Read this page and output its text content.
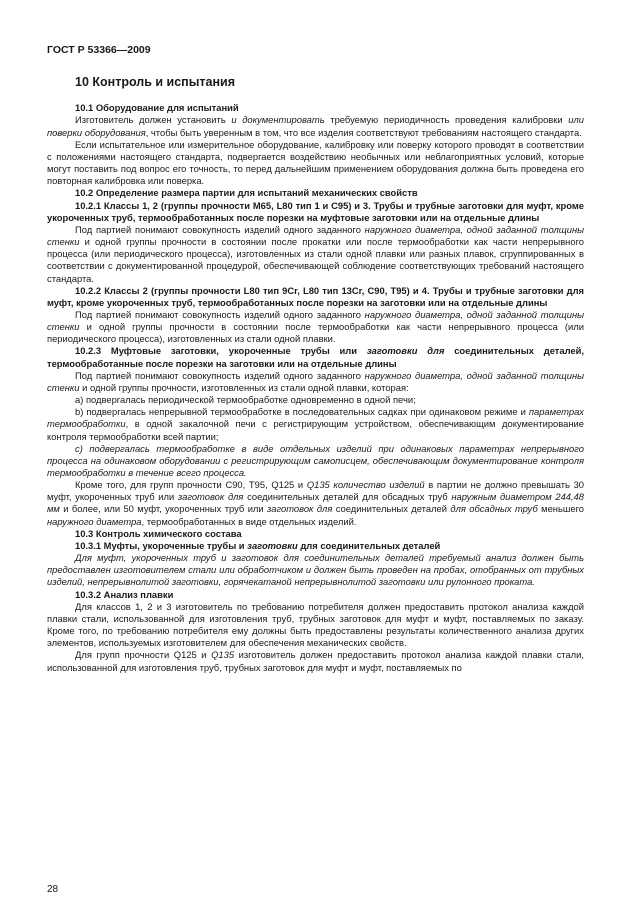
ГОСТ Р 53366—2009
10 Контроль и испытания

10.1 Оборудование для испытаний

Изготовитель должен установить и документировать требуемую периодичность проведения калибровки или поверки оборудования, чтобы быть уверенным в том, что все изделия соответствуют требованиям настоящего стандарта.

Если испытательное или измерительное оборудование, калибровку или поверку которого проводят в соответствии с положениями настоящего стандарта, подвергается воздействию необычных или неблагоприятных условий, которые могут поставить под вопрос его точность, то перед дальнейшим применением оборудования должна быть проведена его повторная калибровка или поверка.

10.2 Определение размера партии для испытаний механических свойств

10.2.1 Классы 1, 2 (группы прочности М65, L80 тип 1 и С95) и 3. Трубы и трубные заготовки для муфт, кроме укороченных труб, термообработанных после порезки на муфтовые заготовки или на отдельные длины

Под партией понимают совокупность изделий одного заданного наружного диаметра, одной заданной толщины стенки и одной группы прочности в состоянии после прокатки или после термообработки как части непрерывного процесса (или периодического процесса), изготовленных из стали одной плавки или разных плавок, сгруппированных в соответствии с документированной процедурой, обеспечивающей соблюдение соответствующих требований настоящего стандарта.

10.2.2 Классы 2 (группы прочности L80 тип 9Cr, L80 тип 13Cr, С90, Т95) и 4. Трубы и трубные заготовки для муфт, кроме укороченных труб, термообработанных после порезки на заготовки или на отдельные длины

Под партией понимают совокупность изделий одного заданного наружного диаметра, одной заданной толщины стенки и одной группы прочности в состоянии после термообработки как части непрерывного процесса (или периодического процесса), изготовленных из стали одной плавки.

10.2.3 Муфтовые заготовки, укороченные трубы или заготовки для соединительных деталей, термообработанные после порезки на заготовки или на отдельные длины

Под партией понимают совокупность изделий одного заданного наружного диаметра, одной заданной толщины стенки и одной группы прочности, изготовленных из стали одной плавки, которая:

а) подвергалась периодической термообработке одновременно в одной печи;

b) подвергалась непрерывной термообработке в последовательных садках при одинаковом режиме и параметрах термообработки, в одной закалочной печи с регистрирующим устройством, обеспечивающим документирование контроля термообработки всей партии;

с) подвергалась термообработке в виде отдельных изделий при одинаковых параметрах непрерывного процесса на одинаковом оборудовании с регистрирующим самописцем, обеспечивающим документирование контроля термообработки в течение всего процесса.

Кроме того, для групп прочности С90, Т95, Q125 и Q135 количество изделий в партии не должно превышать 30 муфт, укороченных труб или заготовок для соединительных деталей для обсадных труб наружным диаметром 244,48 мм и более, или 50 муфт, укороченных труб или заготовок для соединительных деталей для обсадных труб меньшего наружного диаметра, термообработанных в виде отдельных изделий.

10.3 Контроль химического состава

10.3.1 Муфты, укороченные трубы и заготовки для соединительных деталей

Для муфт, укороченных труб и заготовок для соединительных деталей требуемый анализ должен быть предоставлен изготовителем стали или обработчиком и должен быть проведен на пробах, отобранных от трубных изделий, непрерывнолитой заготовки, горячекатаной непрерывнолитой заготовки или рулонного проката.

10.3.2 Анализ плавки

Для классов 1, 2 и 3 изготовитель по требованию потребителя должен предоставить протокол анализа каждой плавки стали, использованной для изготовления труб, трубных заготовок для муфт и муфт, поставляемых по заказу. Кроме того, по требованию потребителя ему должны быть предоставлены результаты количественного анализа других элементов, используемых изготовителем для обеспечения механических свойств.

Для групп прочности Q125 и Q135 изготовитель должен предоставить протокол анализа каждой плавки стали, использованной для изготовления труб, трубных заготовок для муфт и муфт, поставляемых по

28
